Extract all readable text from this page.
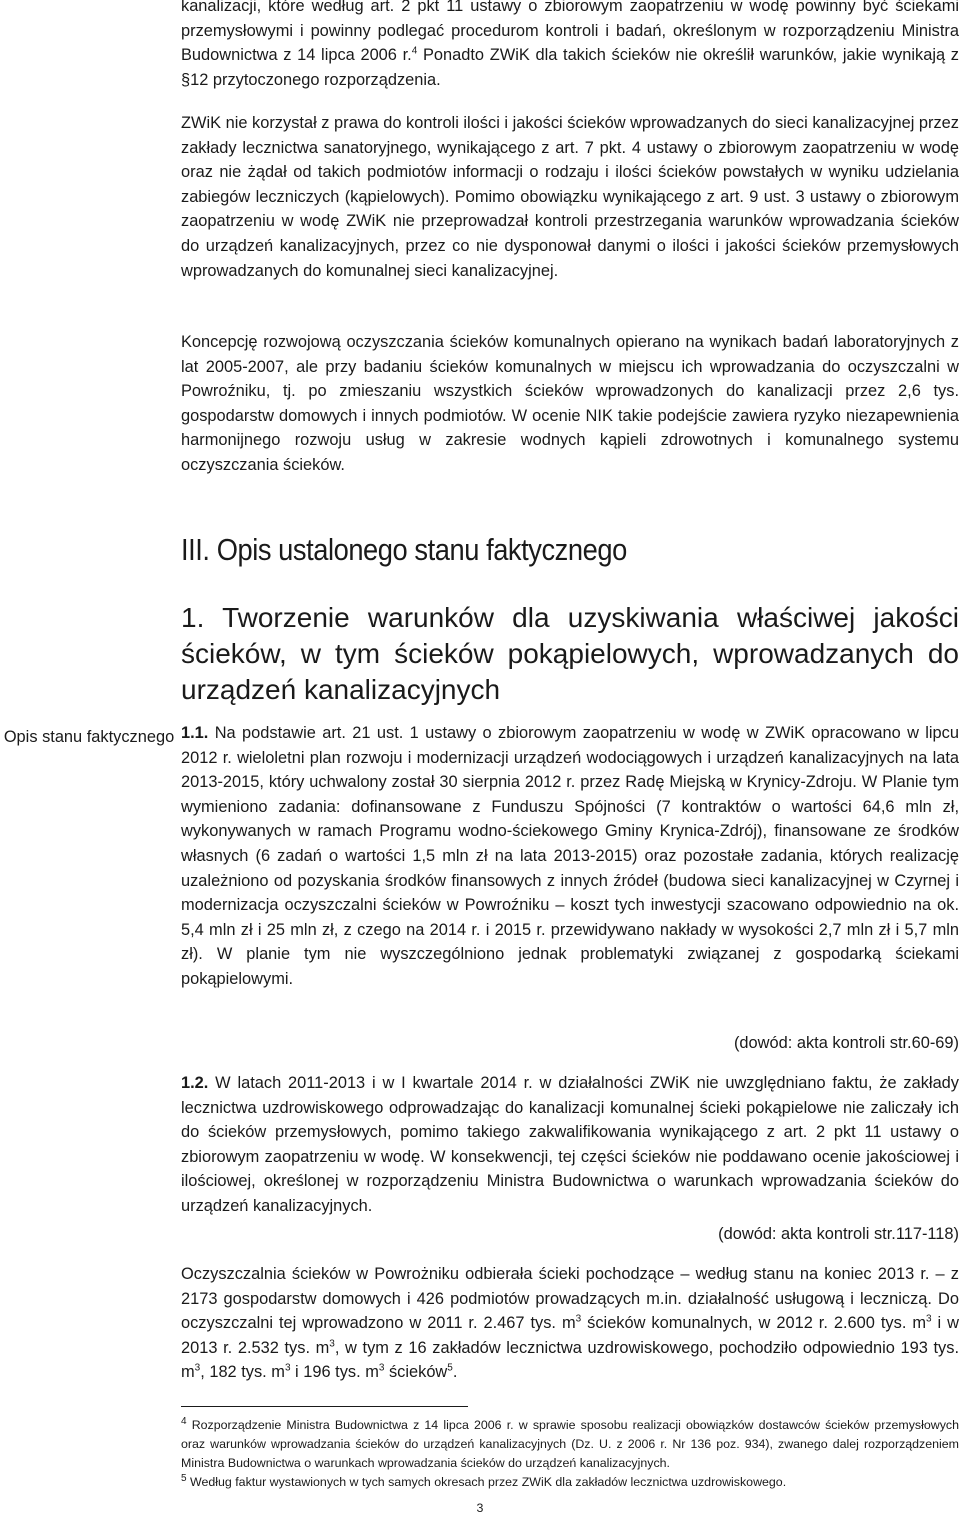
kanalizacji, które według art. 2 pkt 11 ustawy o zbiorowym zaopatrzeniu w wodę powinny być ściekami przemysłowymi i powinny podlegać procedurom kontroli i badań, określonym w rozporządzeniu Ministra Budownictwa z 14 lipca 2006 r.$^4$ Ponadto ZWiK dla takich ścieków nie określił warunków, jakie wynikają z §12 przytoczonego rozporządzenia.
ZWiK nie korzystał z prawa do kontroli ilości i jakości ścieków wprowadzanych do sieci kanalizacyjnej przez zakłady lecznictwa sanatoryjnego, wynikającego z art. 7 pkt. 4 ustawy o zbiorowym zaopatrzeniu w wodę oraz nie żądał od takich podmiotów informacji o rodzaju i ilości ścieków powstałych w wyniku udzielania zabiegów leczniczych (kąpielowych). Pomimo obowiązku wynikającego z art. 9 ust. 3 ustawy o zbiorowym zaopatrzeniu w wodę ZWiK nie przeprowadzał kontroli przestrzegania warunków wprowadzania ścieków do urządzeń kanalizacyjnych, przez co nie dysponował danymi o ilości i jakości ścieków przemysłowych wprowadzanych do komunalnej sieci kanalizacyjnej.
Koncepcję rozwojową oczyszczania ścieków komunalnych opierano na wynikach badań laboratoryjnych z lat 2005-2007, ale przy badaniu ścieków komunalnych w miejscu ich wprowadzania do oczyszczalni w Powroźniku, tj. po zmieszaniu wszystkich ścieków wprowadzonych do kanalizacji przez 2,6 tys. gospodarstw domowych i innych podmiotów. W ocenie NIK takie podejście zawiera ryzyko niezapewnienia harmonijnego rozwoju usług w zakresie wodnych kąpieli zdrowotnych i komunalnego systemu oczyszczania ścieków.
III. Opis ustalonego stanu faktycznego
1. Tworzenie warunków dla uzyskiwania właściwej jakości ścieków, w tym ścieków pokąpielowych, wprowadzanych do urządzeń kanalizacyjnych
Opis stanu faktycznego 1.1. Na podstawie art. 21 ust. 1 ustawy o zbiorowym zaopatrzeniu w wodę w ZWiK opracowano w lipcu 2012 r. wieloletni plan rozwoju i modernizacji urządzeń wodociągowych i urządzeń kanalizacyjnych na lata 2013-2015, który uchwalony został 30 sierpnia 2012 r. przez Radę Miejską w Krynicy-Zdroju. W Planie tym wymieniono zadania: dofinansowane z Funduszu Spójności (7 kontraktów o wartości 64,6 mln zł, wykonywanych w ramach Programu wodno-ściekowego Gminy Krynica-Zdrój), finansowane ze środków własnych (6 zadań o wartości 1,5 mln zł na lata 2013-2015) oraz pozostałe zadania, których realizację uzależniono od pozyskania środków finansowych z innych źródeł (budowa sieci kanalizacyjnej w Czyrnej i modernizacja oczyszczalni ścieków w Powroźniku – koszt tych inwestycji szacowano odpowiednio na ok. 5,4 mln zł i 25 mln zł, z czego na 2014 r. i 2015 r. przewidywano nakłady w wysokości 2,7 mln zł i 5,7 mln zł). W planie tym nie wyszczególniono jednak problematyki związanej z gospodarką ściekami pokąpielowymi.
(dowód: akta kontroli str.60-69)
1.2. W latach 2011-2013 i w I kwartale 2014 r. w działalności ZWiK nie uwzględniano faktu, że zakłady lecznictwa uzdrowiskowego odprowadzając do kanalizacji komunalnej ścieki pokąpielowe nie zaliczały ich do ścieków przemysłowych, pomimo takiego zakwalifikowania wynikającego z art. 2 pkt 11 ustawy o zbiorowym zaopatrzeniu w wodę. W konsekwencji, tej części ścieków nie poddawano ocenie jakościowej i ilościowej, określonej w rozporządzeniu Ministra Budownictwa o warunkach wprowadzania ścieków do urządzeń kanalizacyjnych.
(dowód: akta kontroli str.117-118)
Oczyszczalnia ścieków w Powrożniku odbierała ścieki pochodzące – według stanu na koniec 2013 r. – z 2173 gospodarstw domowych i 426 podmiotów prowadzących m.in. działalność usługową i leczniczą. Do oczyszczalni tej wprowadzono w 2011 r. 2.467 tys. $m^3$ ścieków komunalnych, w 2012 r. 2.600 tys. $m^3$ i w 2013 r. 2.532 tys. $m^3$, w tym z 16 zakładów lecznictwa uzdrowiskowego, pochodziło odpowiednio 193 tys. $m^3$, 182 tys. $m^3$ i 196 tys. $m^3$ ścieków$^5$.

$^4$ Rozporządzenie Ministra Budownictwa z 14 lipca 2006 r. w sprawie sposobu realizacji obowiązków dostawców ścieków przemysłowych oraz warunków wprowadzania ścieków do urządzeń kanalizacyjnych (Dz. U. z 2006 r. Nr 136 poz. 934), zwanego dalej rozporządzeniem Ministra Budownictwa o warunkach wprowadzania ścieków do urządzeń kanalizacyjnych.

$^5$ Według faktur wystawionych w tych samych okresach przez ZWiK dla zakładów lecznictwa uzdrowiskowego.

3
